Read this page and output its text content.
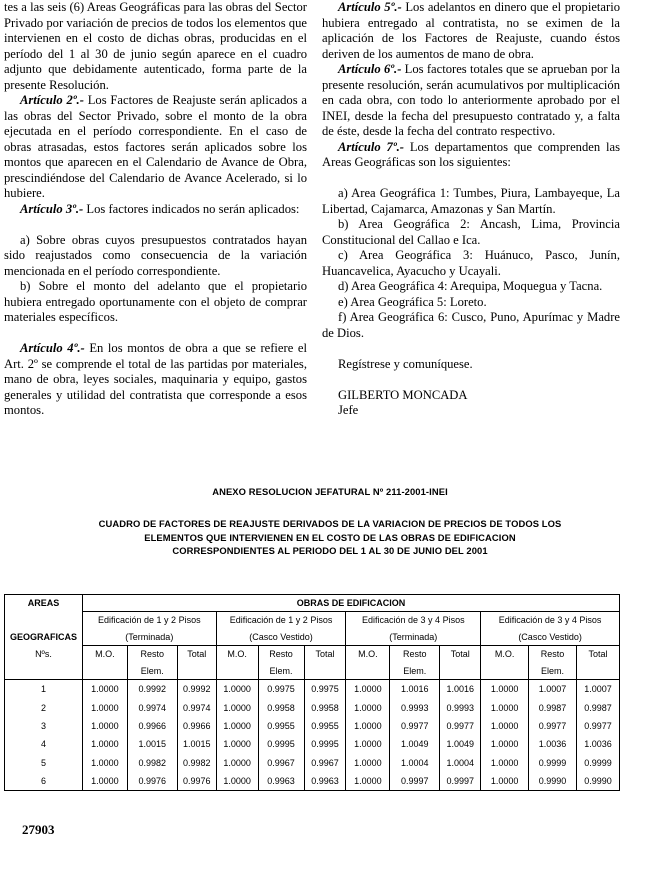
tes a las seis (6) Areas Geográficas para las obras del Sector Privado por variación de precios de todos los elementos que intervienen en el costo de dichas obras, producidas en el período del 1 al 30 de junio según aparece en el cuadro adjunto que debidamente autenticado, forma parte de la presente Resolución.

Artículo 2º.- Los Factores de Reajuste serán aplicados a las obras del Sector Privado, sobre el monto de la obra ejecutada en el período correspondiente. En el caso de obras atrasadas, estos factores serán aplicados sobre los montos que aparecen en el Calendario de Avance de Obra, prescindiéndose del Calendario de Avance Acelerado, si lo hubiere.

Artículo 3º.- Los factores indicados no serán aplicados:

a) Sobre obras cuyos presupuestos contratados hayan sido reajustados como consecuencia de la variación mencionada en el período correspondiente.

b) Sobre el monto del adelanto que el propietario hubiera entregado oportunamente con el objeto de comprar materiales específicos.

Artículo 4º.- En los montos de obra a que se refiere el Art. 2º se comprende el total de las partidas por materiales, mano de obra, leyes sociales, maquinaria y equipo, gastos generales y utilidad del contratista que corresponde a esos montos.

Artículo 5º.- Los adelantos en dinero que el propietario hubiera entregado al contratista, no se eximen de la aplicación de los Factores de Reajuste, cuando éstos deriven de los aumentos de mano de obra.

Artículo 6º.- Los factores totales que se aprueban por la presente resolución, serán acumulativos por multiplicación en cada obra, con todo lo anteriormente aprobado por el INEI, desde la fecha del presupuesto contratado y, a falta de éste, desde la fecha del contrato respectivo.

Artículo 7º.- Los departamentos que comprenden las Areas Geográficas son los siguientes:

a) Area Geográfica 1: Tumbes, Piura, Lambayeque, La Libertad, Cajamarca, Amazonas y San Martín.

b) Area Geográfica 2: Ancash, Lima, Provincia Constitucional del Callao e Ica.

c) Area Geográfica 3: Huánuco, Pasco, Junín, Huancavelica, Ayacucho y Ucayali.

d) Area Geográfica 4: Arequipa, Moquegua y Tacna.

e) Area Geográfica 5: Loreto.

f) Area Geográfica 6: Cusco, Puno, Apurímac y Madre de Dios.

Regístrese y comuníquese.

GILBERTO MONCADA

Jefe

ANEXO RESOLUCION JEFATURAL Nº 211-2001-INEI
CUADRO DE FACTORES DE REAJUSTE DERIVADOS DE LA VARIACION DE PRECIOS DE TODOS LOS
ELEMENTOS QUE INTERVIENEN EN EL COSTO DE LAS OBRAS DE EDIFICACION
CORRESPONDIENTES AL PERIODO DEL 1 AL 30 DE JUNIO DEL 2001
AREAS	OBRAS DE EDIFICACION											
	Edificación de 1 y 2 Pisos			Edificación de 1 y 2 Pisos			Edificación de 3 y 4 Pisos			Edificación de 3 y 4 Pisos		
GEOGRAFICAS	(Terminada)			(Casco Vestido)			(Terminada)			(Casco Vestido)		
Nºs.	M.O.	Resto	Total	M.O.	Resto	Total	M.O.	Resto	Total	M.O.	Resto	Total
		Elem.			Elem.			Elem.			Elem.	
1	1.0000	0.9992	0.9992	1.0000	0.9975	0.9975	1.0000	1.0016	1.0016	1.0000	1.0007	1.0007
2	1.0000	0.9974	0.9974	1.0000	0.9958	0.9958	1.0000	0.9993	0.9993	1.0000	0.9987	0.9987
3	1.0000	0.9966	0.9966	1.0000	0.9955	0.9955	1.0000	0.9977	0.9977	1.0000	0.9977	0.9977
4	1.0000	1.0015	1.0015	1.0000	0.9995	0.9995	1.0000	1.0049	1.0049	1.0000	1.0036	1.0036
5	1.0000	0.9982	0.9982	1.0000	0.9967	0.9967	1.0000	1.0004	1.0004	1.0000	0.9999	0.9999
6	1.0000	0.9976	0.9976	1.0000	0.9963	0.9963	1.0000	0.9997	0.9997	1.0000	0.9990	0.9990
27903
